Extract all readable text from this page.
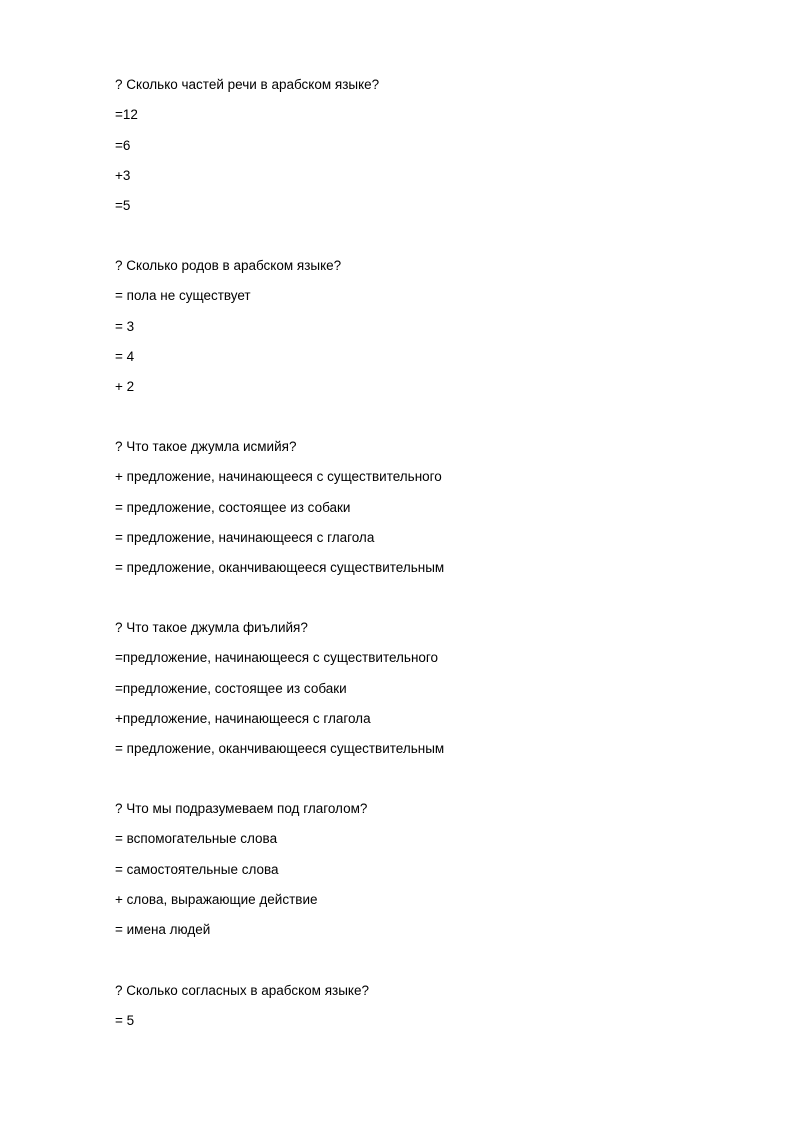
? Сколько частей речи в арабском языке?
=12
=6
+3
=5
? Сколько родов в арабском языке?
= пола не существует
= 3
= 4
+ 2
? Что такое джумла исмийя?
+ предложение, начинающееся с существительного
= предложение, состоящее из собаки
= предложение, начинающееся с глагола
= предложение, оканчивающееся существительным
? Что такое джумла фиълийя?
=предложение, начинающееся с существительного
=предложение, состоящее из собаки
+предложение, начинающееся с глагола
= предложение, оканчивающееся существительным
? Что мы подразумеваем под глаголом?
= вспомогательные слова
= самостоятельные слова
+ слова, выражающие действие
= имена людей
? Сколько согласных в арабском языке?
= 5
